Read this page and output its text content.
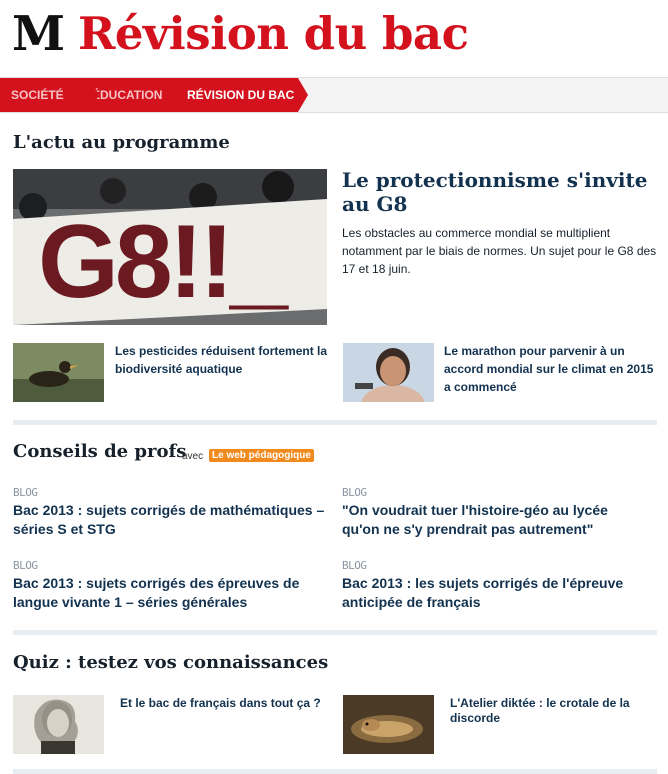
M Révision du bac
SOCIÉTÉ	ÉDUCATION	RÉVISION DU BAC
L'actu au programme
G8!!_
Le protectionnisme s'invite au G8

Les obstacles au commerce mondial se multiplient notamment par le biais de normes. Un sujet pour le G8 des 17 et 18 juin.

Les pesticides réduisent fortement la biodiversité aquatique
Le marathon pour parvenir à un accord mondial sur le climat en 2015 a commencé
Conseils de profs
avec Le web pédagogique
BLOG
Bac 2013 : sujets corrigés de mathématiques – séries S et STG
BLOG
"On voudrait tuer l'histoire-géo au lycée qu'on ne s'y prendrait pas autrement"
BLOG
Bac 2013 : sujets corrigés des épreuves de langue vivante 1 – séries générales
BLOG
Bac 2013 : les sujets corrigés de l'épreuve anticipée de français
Quiz : testez vos connaissances
Et le bac de français dans tout ça ?	L'Atelier diktée : le crotale de la discorde
